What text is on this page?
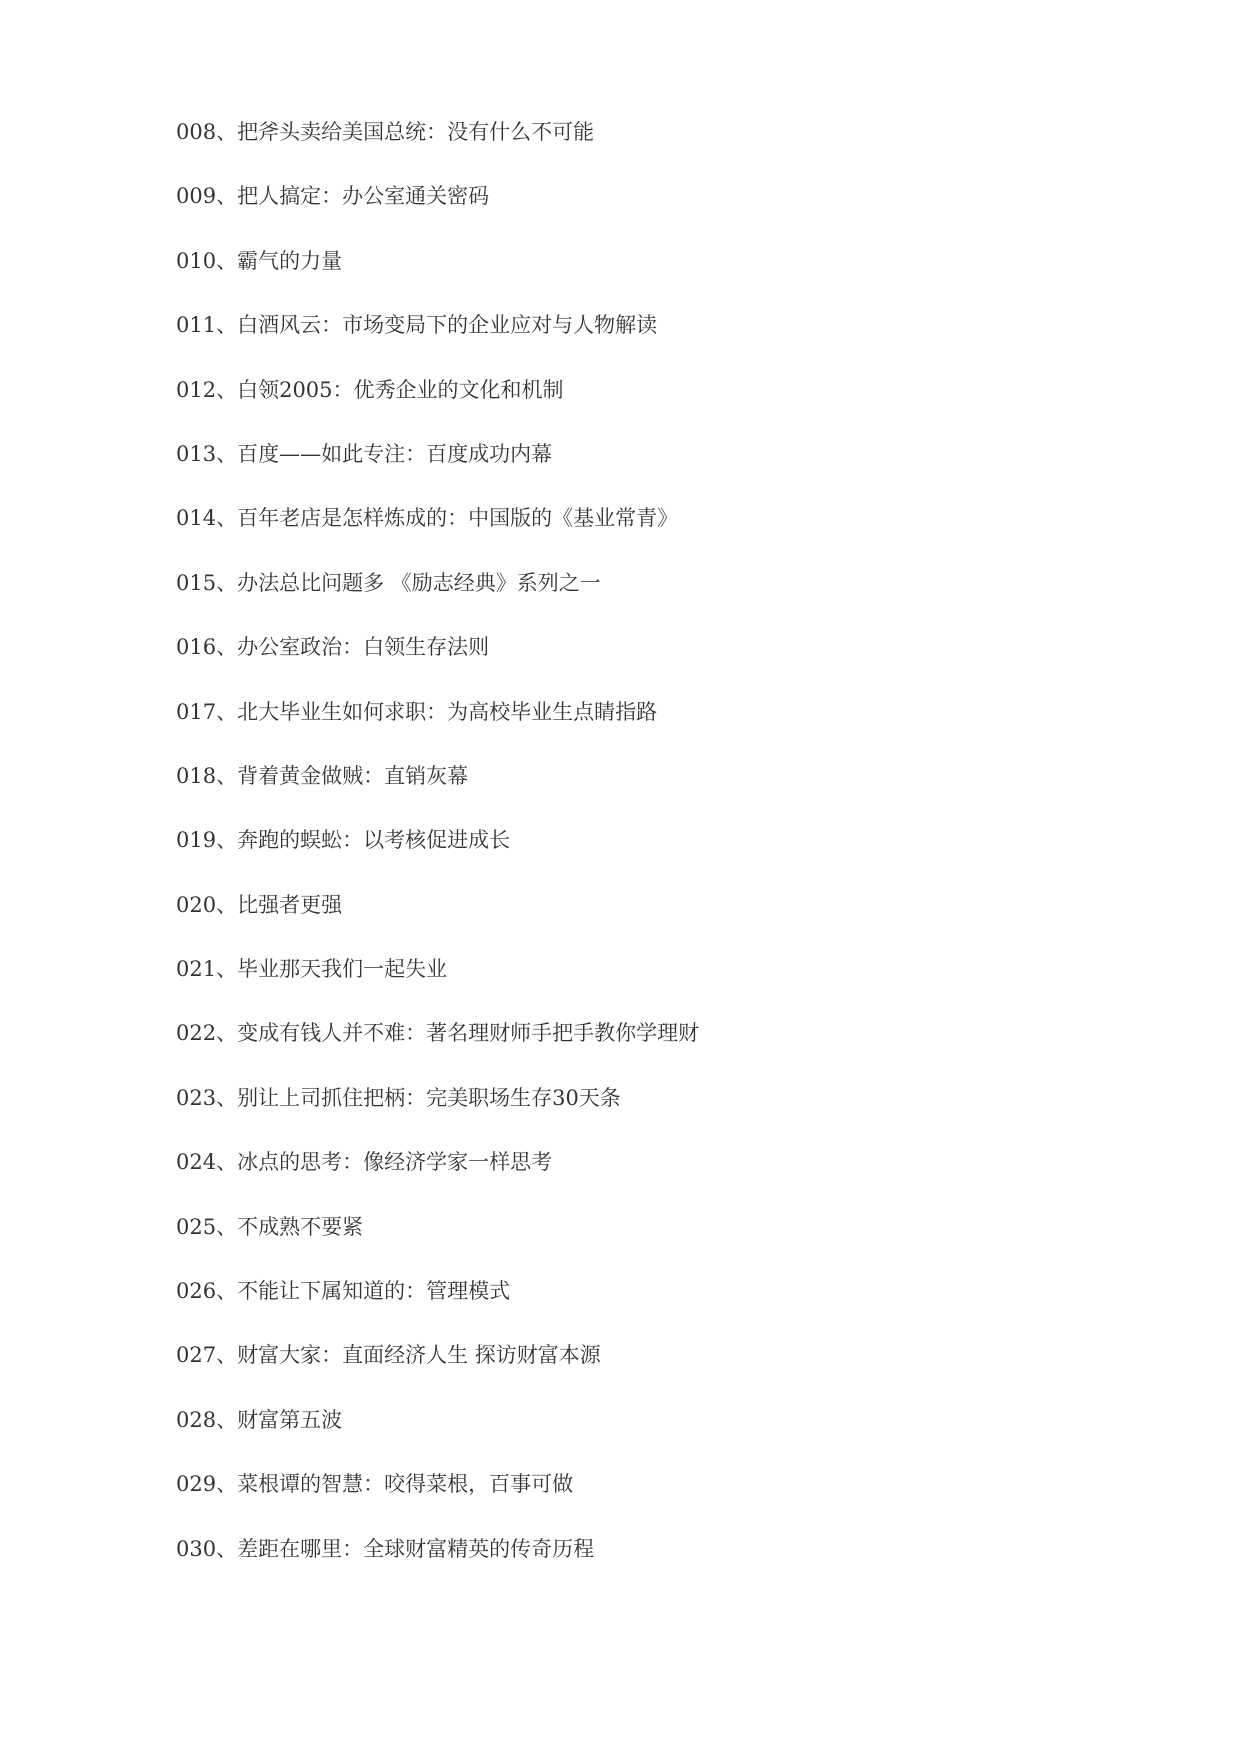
008、把斧头卖给美国总统：没有什么不可能
009、把人搞定：办公室通关密码
010、霸气的力量
011、白酒风云：市场变局下的企业应对与人物解读
012、白领2005：优秀企业的文化和机制
013、百度——如此专注：百度成功内幕
014、百年老店是怎样炼成的：中国版的《基业常青》
015、办法总比问题多 《励志经典》系列之一
016、办公室政治：白领生存法则
017、北大毕业生如何求职：为高校毕业生点睛指路
018、背着黄金做贼：直销灰幕
019、奔跑的蜈蚣：以考核促进成长
020、比强者更强
021、毕业那天我们一起失业
022、变成有钱人并不难：著名理财师手把手教你学理财
023、别让上司抓住把柄：完美职场生存30天条
024、冰点的思考：像经济学家一样思考
025、不成熟不要紧
026、不能让下属知道的：管理模式
027、财富大家：直面经济人生 探访财富本源
028、财富第五波
029、菜根谭的智慧：咬得菜根，百事可做
030、差距在哪里：全球财富精英的传奇历程
